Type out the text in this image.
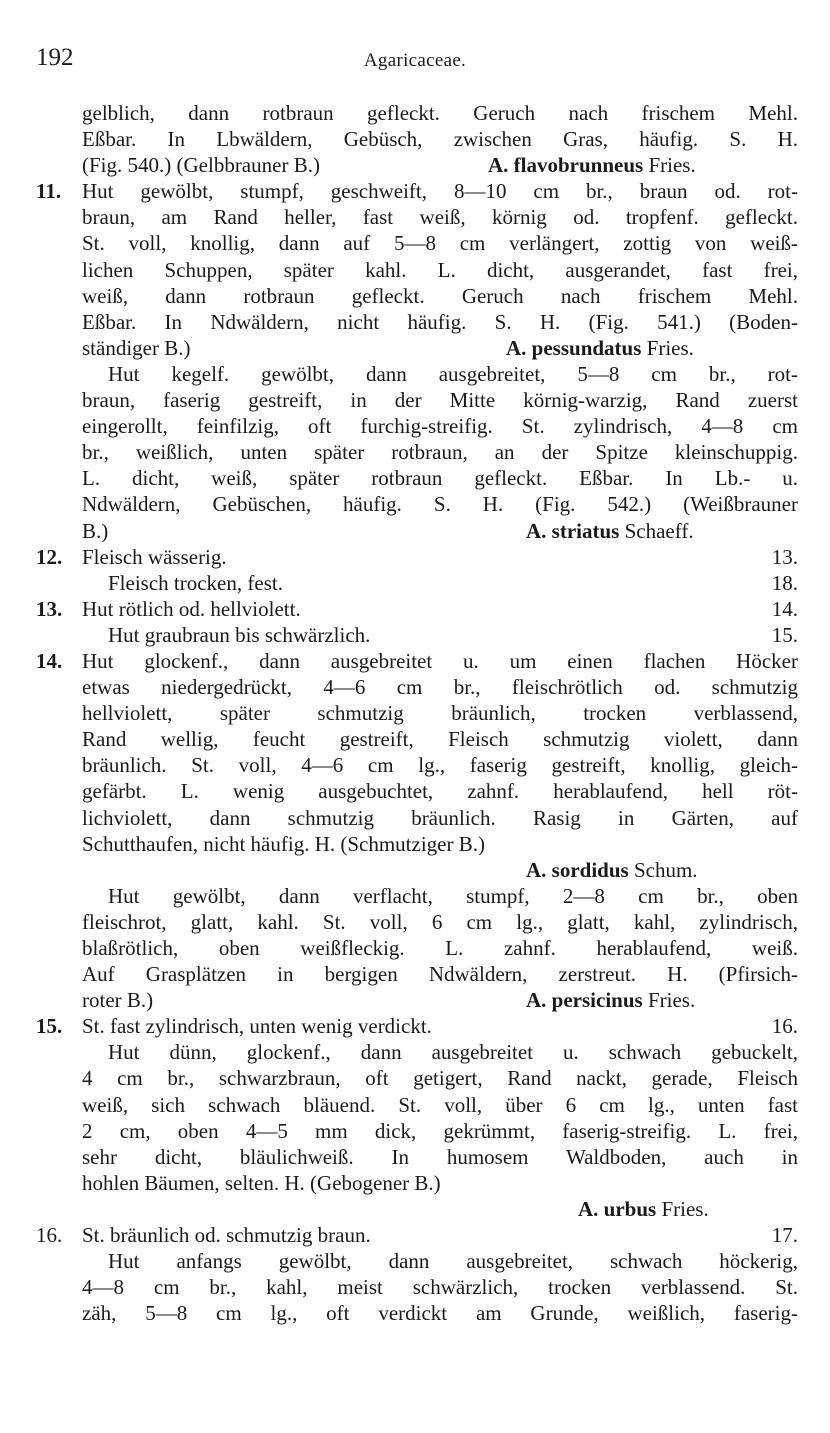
192	Agaricaceae.
gelblich, dann rotbraun gefleckt. Geruch nach frischem Mehl.
Eßbar. In Lbwäldern, Gebüsch, zwischen Gras, häufig. S. H.
(Fig. 540.) (Gelbbrauner B.)	A. flavobrunneus Fries.
11. Hut gewölbt, stumpf, geschweift, 8—10 cm br., braun od. rot-
braun, am Rand heller, fast weiß, körnig od. tropfenf. gefleckt.
St. voll, knollig, dann auf 5—8 cm verlängert, zottig von weiß-
lichen Schuppen, später kahl. L. dicht, ausgerandet, fast frei,
weiß, dann rotbraun gefleckt. Geruch nach frischem Mehl.
Eßbar. In Ndwäldern, nicht häufig. S. H. (Fig. 541.) (Boden-
ständiger B.)	A. pessundatus Fries.
Hut kegelf. gewölbt, dann ausgebreitet, 5—8 cm br., rot-
braun, faserig gestreift, in der Mitte körnig-warzig, Rand zuerst
eingerollt, feinfilzig, oft furchig-streifig. St. zylindrisch, 4—8 cm
br., weißlich, unten später rotbraun, an der Spitze kleinschuppig.
L. dicht, weiß, später rotbraun gefleckt. Eßbar. In Lb.- u.
Ndwäldern, Gebüschen, häufig. S. H. (Fig. 542.) (Weißbrauner
B.)	A. striatus Schaeff.
12. Fleisch wässerig.	13.
Fleisch trocken, fest.	18.
13. Hut rötlich od. hellviolett.	14.
Hut graubraun bis schwärzlich.	15.
14. Hut glockenf., dann ausgebreitet u. um einen flachen Höcker
etwas niedergedrückt, 4—6 cm br., fleischrötlich od. schmutzig
hellviolett, später schmutzig bräunlich, trocken verblassend,
Rand wellig, feucht gestreift, Fleisch schmutzig violett, dann
bräunlich. St. voll, 4—6 cm lg., faserig gestreift, knollig, gleich-
gefärbt. L. wenig ausgebuchtet, zahnf. herablaufend, hell röt-
lichviolett, dann schmutzig bräunlich. Rasig in Gärten, auf
Schutthaufen, nicht häufig. H. (Schmutziger B.)
A. sordidus Schum.
Hut gewölbt, dann verflacht, stumpf, 2—8 cm br., oben
fleischrot, glatt, kahl. St. voll, 6 cm lg., glatt, kahl, zylindrisch,
blaßrötlich, oben weißfleckig. L. zahnf. herablaufend, weiß.
Auf Grasplätzen in bergigen Ndwäldern, zerstreut. H. (Pfirsich-
roter B.)	A. persicinus Fries.
15. St. fast zylindrisch, unten wenig verdickt.	16.
Hut dünn, glockenf., dann ausgebreitet u. schwach gebuckelt,
4 cm br., schwarzbraun, oft getigert, Rand nackt, gerade, Fleisch
weiß, sich schwach bläuend. St. voll, über 6 cm lg., unten fast
2 cm, oben 4—5 mm dick, gekrümmt, faserig-streifig. L. frei,
sehr dicht, bläulichweiß. In humosem Waldboden, auch in
hohlen Bäumen, selten. H. (Gebogener B.)
A. urbus Fries.
16. St. bräunlich od. schmutzig braun.	17.
Hut anfangs gewölbt, dann ausgebreitet, schwach höckerig,
4—8 cm br., kahl, meist schwärzlich, trocken verblassend. St.
zäh, 5—8 cm lg., oft verdickt am Grunde, weißlich, faserig-
